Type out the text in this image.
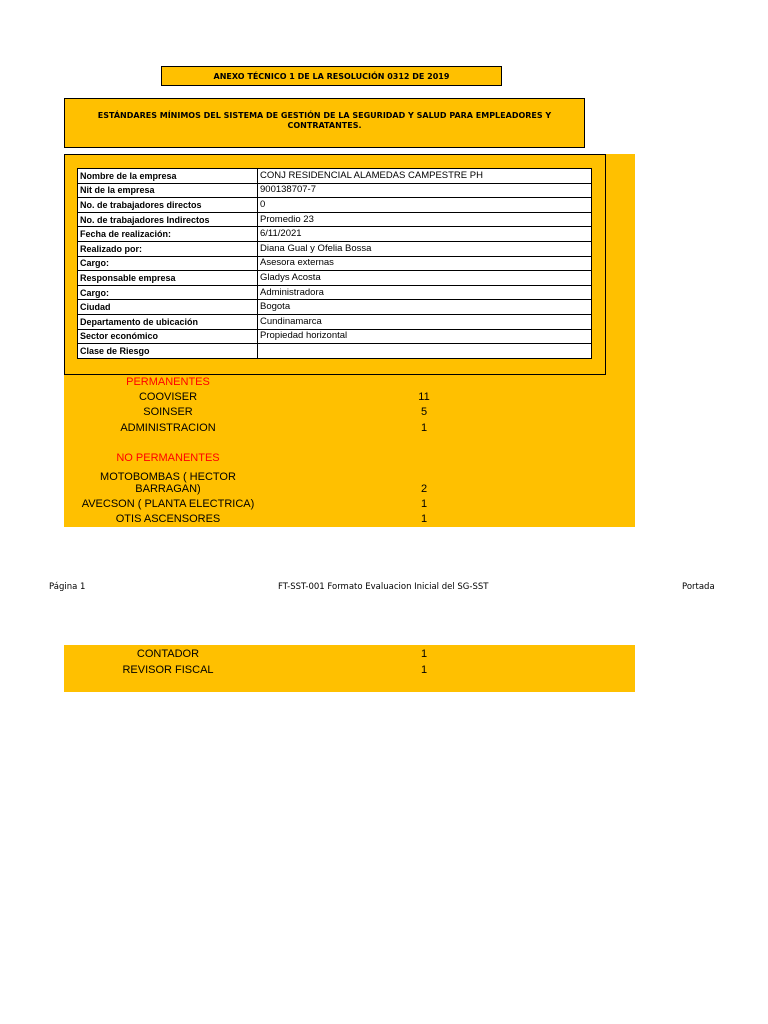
ANEXO TÉCNICO 1 DE LA RESOLUCIÓN 0312 DE 2019
ESTÁNDARES MÍNIMOS DEL SISTEMA DE GESTIÓN DE LA SEGURIDAD Y SALUD PARA EMPLEADORES Y CONTRATANTES.
Nombre de la empresa	CONJ RESIDENCIAL ALAMEDAS CAMPESTRE PH
Nit de la empresa	900138707-7
No. de trabajadores directos	0
No. de trabajadores Indirectos	Promedio 23
Fecha de realización:	6/11/2021
Realizado por:	Diana Gual y Ofelia Bossa
Cargo:	Asesora externas
Responsable empresa	Gladys Acosta
Cargo:	Administradora
Ciudad	Bogota
Departamento de ubicación	Cundinamarca
Sector económico	Propiedad horizontal
Clase de Riesgo	
PERMANENTES
COOVISER	11
SOINSER	5
ADMINISTRACION	1
NO PERMANENTES
MOTOBOMBAS ( HECTOR BARRAGAN)	2
AVECSON ( PLANTA ELECTRICA)	1
OTIS ASCENSORES	1
Página 1	FT-SST-001 Formato Evaluacion Inicial del SG-SST	Portada
CONTADOR	1
REVISOR FISCAL	1
